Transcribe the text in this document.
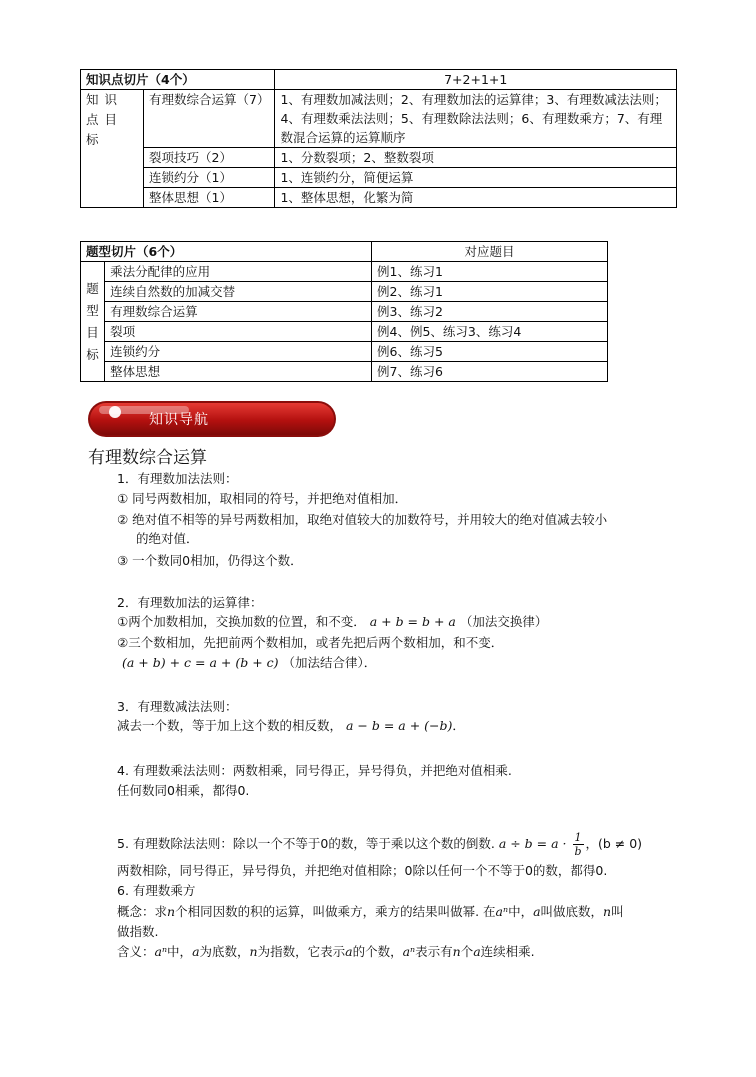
知识点切片（4个）		7+2+1+1
知识点目标	有理数综合运算（7）	1、有理数加减法则；2、有理数加法的运算律；3、有理数减法法则；4、有理数乘法法则；5、有理数除法法则；6、有理数乘方；7、有理数混合运算的运算顺序
	裂项技巧（2）	1、分数裂项；2、整数裂项
	连锁约分（1）	1、连锁约分，简便运算
	整体思想（1）	1、整体思想，化繁为简
题型切片（6个）		对应题目
题型目标	乘法分配律的应用	例1、练习1
	连续自然数的加减交替	例2、练习1
	有理数综合运算	例3、练习2
	裂项	例4、例5、练习3、练习4
	连锁约分	例6、练习5
	整体思想	例7、练习6
知识导航
有理数综合运算
1．有理数加法法则：
① 同号两数相加，取相同的符号，并把绝对值相加．
② 绝对值不相等的异号两数相加，取绝对值较大的加数符号，并用较大的绝对值减去较小
的绝对值．
③ 一个数同0相加，仍得这个数．
2．有理数加法的运算律：
①两个加数相加，交换加数的位置，和不变． a + b = b + a （加法交换律）
②三个数相加，先把前两个数相加，或者先把后两个数相加，和不变．
(a + b) + c = a + (b + c) （加法结合律）．
3．有理数减法法则：
减去一个数，等于加上这个数的相反数， a − b = a + (−b)．
4. 有理数乘法法则：两数相乘，同号得正，异号得负，并把绝对值相乘.
任何数同0相乘，都得0.
5. 有理数除法法则：除以一个不等于0的数，等于乘以这个数的倒数. $a \div b = a \cdot \frac{1}{b}$ ，(b ≠ 0)
两数相除，同号得正，异号得负，并把绝对值相除；0除以任何一个不等于0的数，都得0.
6. 有理数乘方
概念：求n个相同因数的积的运算，叫做乘方，乘方的结果叫做幂. 在aⁿ中，a叫做底数，n叫
做指数.
含义：aⁿ中，a为底数，n为指数，它表示a的个数，aⁿ表示有n个a连续相乘.
